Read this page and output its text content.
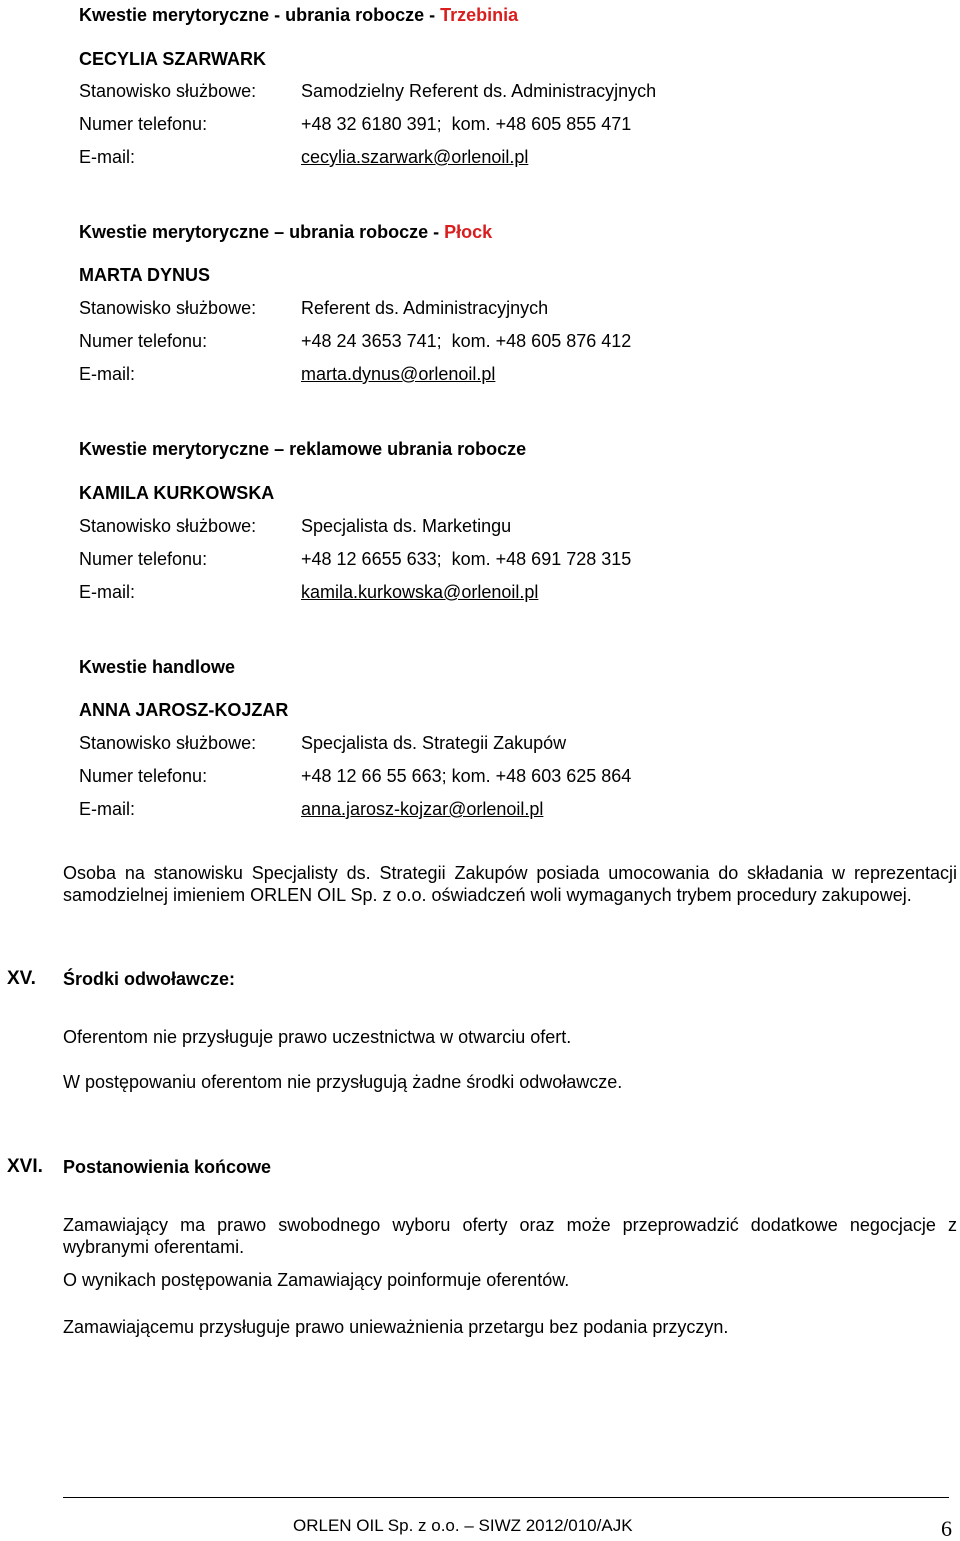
Kwestie merytoryczne - ubrania robocze - Trzebinia
CECYLIA SZARWARK
Stanowisko służbowe: Samodzielny Referent ds. Administracyjnych
Numer telefonu:	+48 32 6180 391;  kom. +48 605 855 471
E-mail:	cecylia.szarwark@orlenoil.pl
Kwestie merytoryczne – ubrania robocze - Płock
MARTA DYNUS
Stanowisko służbowe: Referent ds. Administracyjnych
Numer telefonu:	+48 24 3653 741;  kom. +48 605 876 412
E-mail:	marta.dynus@orlenoil.pl
Kwestie merytoryczne – reklamowe ubrania robocze
KAMILA KURKOWSKA
Stanowisko służbowe: Specjalista ds. Marketingu
Numer telefonu:	+48 12 6655 633;  kom. +48 691 728 315
E-mail:	kamila.kurkowska@orlenoil.pl
Kwestie handlowe
ANNA JAROSZ-KOJZAR
Stanowisko służbowe: Specjalista ds. Strategii Zakupów
Numer telefonu:	+48 12 66 55 663; kom. +48 603 625 864
E-mail:	anna.jarosz-kojzar@orlenoil.pl
Osoba na stanowisku Specjalisty ds. Strategii Zakupów posiada umocowania do składania w reprezentacji samodzielnej imieniem ORLEN OIL Sp. z o.o. oświadczeń woli wymaganych trybem procedury zakupowej.
XV. Środki odwoławcze:
Oferentom nie przysługuje prawo uczestnictwa w otwarciu ofert.
W postępowaniu oferentom nie przysługują żadne środki odwoławcze.
XVI. Postanowienia końcowe
Zamawiający ma prawo swobodnego wyboru oferty oraz może przeprowadzić dodatkowe negocjacje z wybranymi oferentami.
O wynikach postępowania Zamawiający poinformuje oferentów.
Zamawiającemu przysługuje prawo unieważnienia przetargu bez podania przyczyn.
ORLEN OIL Sp. z o.o. – SIWZ 2012/010/AJK	6
